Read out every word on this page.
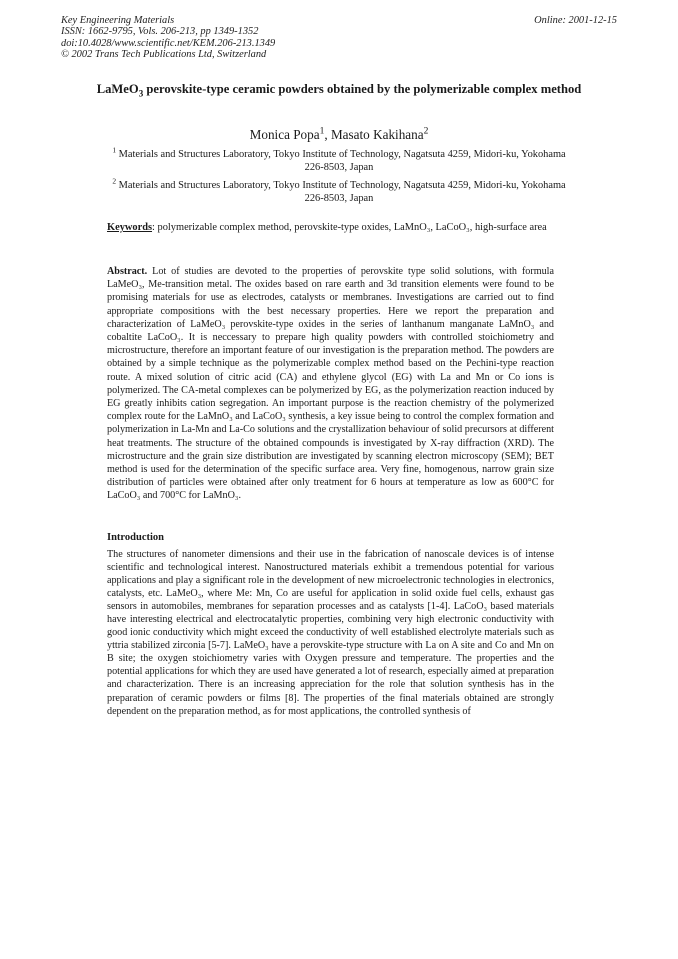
Key Engineering Materials
ISSN: 1662-9795, Vols. 206-213, pp 1349-1352
doi:10.4028/www.scientific.net/KEM.206-213.1349
© 2002 Trans Tech Publications Ltd, Switzerland
Online: 2001-12-15
LaMeO$_3$ perovskite-type ceramic powders obtained by the polymerizable complex method
Monica Popa$^1$, Masato Kakihana$^2$
$^1$ Materials and Structures Laboratory, Tokyo Institute of Technology, Nagatsuta 4259, Midori-ku, Yokohama 226-8503, Japan
$^2$ Materials and Structures Laboratory, Tokyo Institute of Technology, Nagatsuta 4259, Midori-ku, Yokohama 226-8503, Japan
Keywords: polymerizable complex method, perovskite-type oxides, LaMnO₃, LaCoO₃, high-surface area
Abstract. Lot of studies are devoted to the properties of perovskite type solid solutions, with formula LaMeO₃, Me-transition metal. The oxides based on rare earth and 3d transition elements were found to be promising materials for use as electrodes, catalysts or membranes. Investigations are carried out to find appropriate compositions with the best necessary properties. Here we report the preparation and characterization of LaMeO₃ perovskite-type oxides in the series of lanthanum manganate LaMnO₃ and cobaltite LaCoO₃. It is neccessary to prepare high quality powders with controlled stoichiometry and microstructure, therefore an important feature of our investigation is the preparation method. The powders are obtained by a simple technique as the polymerizable complex method based on the Pechini-type reaction route. A mixed solution of citric acid (CA) and ethylene glycol (EG) with La and Mn or Co ions is polymerized. The CA-metal complexes can be polymerized by EG, as the polymerization reaction induced by EG greatly inhibits cation segregation. An important purpose is the reaction chemistry of the polymerized complex route for the LaMnO₃ and LaCoO₃ synthesis, a key issue being to control the complex formation and polymerization in La-Mn and La-Co solutions and the crystallization behaviour of solid precursors at different heat treatments. The structure of the obtained compounds is investigated by X-ray diffraction (XRD). The microstructure and the grain size distribution are investigated by scanning electron microscopy (SEM); BET method is used for the determination of the specific surface area. Very fine, homogenous, narrow grain size distribution of particles were obtained after only treatment for 6 hours at temperature as low as 600°C for LaCoO₃ and 700°C for LaMnO₃.
Introduction
The structures of nanometer dimensions and their use in the fabrication of nanoscale devices is of intense scientific and technological interest. Nanostructured materials exhibit a tremendous potential for various applications and play a significant role in the development of new microelectronic technologies in electronics, catalysts, etc. LaMeO₃, where Me: Mn, Co are useful for application in solid oxide fuel cells, exhaust gas sensors in automobiles, membranes for separation processes and as catalysts [1-4]. LaCoO₃ based materials have interesting electrical and electrocatalytic properties, combining very high electronic conductivity with good ionic conductivity which might exceed the conductivity of well established electrolyte materials such as yttria stabilized zirconia [5-7]. LaMeO₃ have a perovskite-type structure with La on A site and Co and Mn on B site; the oxygen stoichiometry varies with Oxygen pressure and temperature. The properties and the potential applications for which they are used have generated a lot of research, especially aimed at preparation and characterization. There is an increasing appreciation for the role that solution synthesis has in the preparation of ceramic powders or films [8]. The properties of the final materials obtained are strongly dependent on the preparation method, as for most applications, the controlled synthesis of
